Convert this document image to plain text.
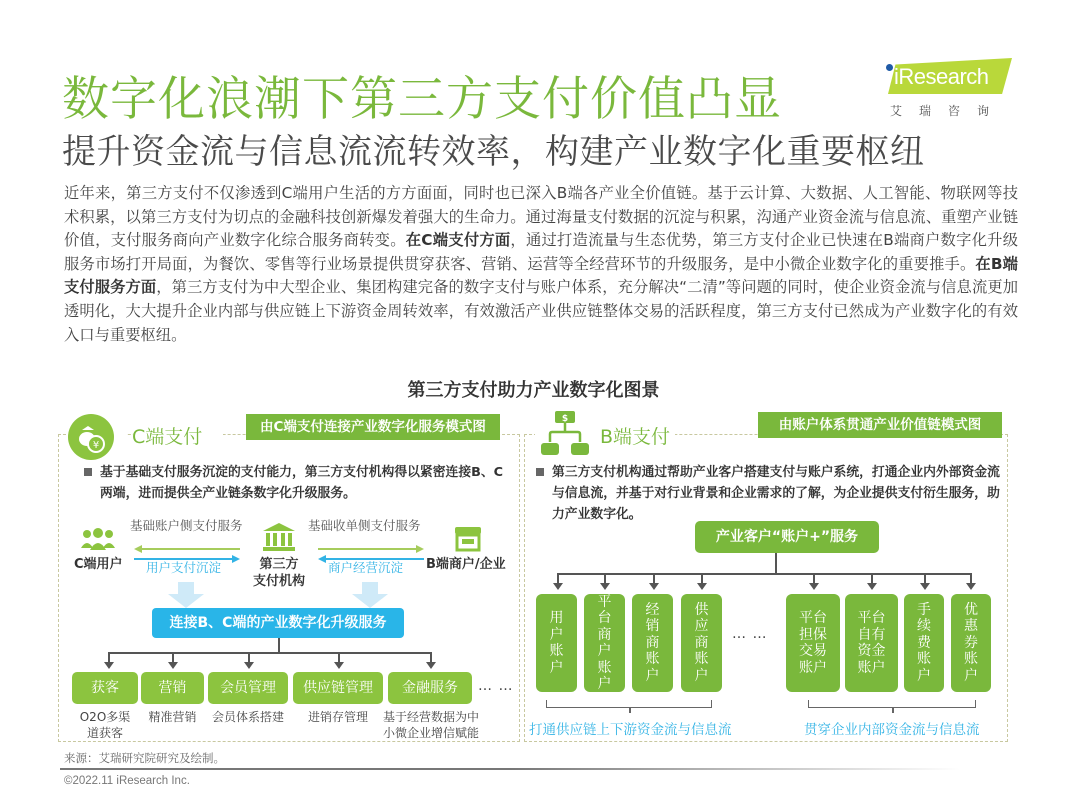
数字化浪潮下第三方支付价值凸显
提升资金流与信息流流转效率，构建产业数字化重要枢纽
iResearch
艾瑞咨询
近年来，第三方支付不仅渗透到C端用户生活的方方面面，同时也已深入B端各产业全价值链。基于云计算、大数据、人工智能、物联网等技术积累，以第三方支付为切点的金融科技创新爆发着强大的生命力。通过海量支付数据的沉淀与积累，沟通产业资金流与信息流、重塑产业链价值，支付服务商向产业数字化综合服务商转变。在C端支付方面，通过打造流量与生态优势，第三方支付企业已快速在B端商户数字化升级服务市场打开局面，为餐饮、零售等行业场景提供贯穿获客、营销、运营等全经营环节的升级服务，是中小微企业数字化的重要推手。在B端支付服务方面，第三方支付为中大型企业、集团构建完备的数字支付与账户体系，充分解决“二清”等问题的同时，使企业资金流与信息流更加透明化，大大提升企业内部与供应链上下游资金周转效率，有效激活产业供应链整体交易的活跃程度，第三方支付已然成为产业数字化的有效入口与重要枢纽。
第三方支付助力产业数字化图景
¥ C端支付	由C端支付连接产业数字化服务模式图
基于基础支付服务沉淀的支付能力，第三方支付机构得以紧密连接B、C两端，进而提供全产业链条数字化升级服务。
C端用户	第三方
支付机构
B端商户/企业
基础账户侧支付服务
用户支付沉淀
基础收单侧支付服务
商户经营沉淀
连接B、C端的产业数字化升级服务
获客	营销	会员管理	供应链管理	金融服务	… …
O2O多渠
道获客
精准营销	会员体系搭建	进销存管理	基于经营数据为中
小微企业增信赋能
$
B端支付
由账户体系贯通产业价值链模式图
第三方支付机构通过帮助产业客户搭建支付与账户系统，打通企业内外部资金流与信息流，并基于对行业背景和企业需求的了解，为企业提供支付衍生服务，助力产业数字化。
产业客户“账户+”服务
用
户
账
户
平
台
商
户
账
户
经
销
商
账
户
供
应
商
账
户
… …
平台
担保
交易
账户
平台
自有
资金
账户
手
续
费
账
户
优
惠
券
账
户
打通供应链上下游资金流与信息流	贯穿企业内部资金流与信息流
来源：艾瑞研究院研究及绘制。
©2022.11 iResearch Inc.
